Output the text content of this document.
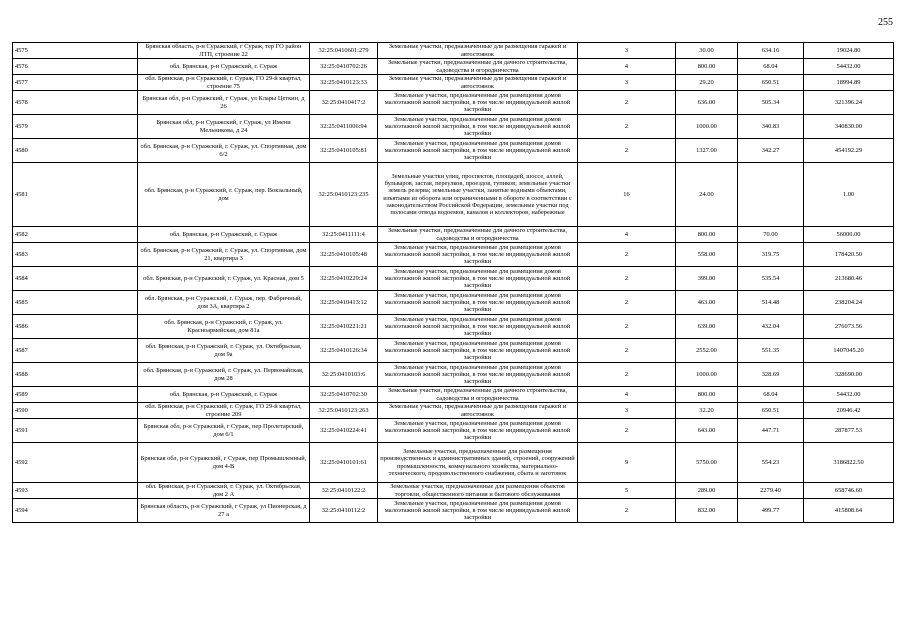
255
4575	Брянская область, р-н Суражский, г Сураж, тер ГО район ЛТП, строение 22	32:25:0410601:279	Земельные участки, предназначенные для размещения гаражей и автостоянок	3	30.00	634.16	19024.80
4576	обл. Брянская, р-н Суражский, г. Сураж	32:25:0410702:26	Земельные участки, предназначенные для дачного строительства, садоводства и огородничества	4	800.00	68.04	54432.00
4577	обл. Брянская, р-н Суражский, г. Сураж, ГО 29-й квартал, строение 75	32:25:0410123:33	Земельные участки, предназначенные для размещения гаражей и автостоянок	3	29.20	650.51	18994.89
4578	Брянская обл, р-н Суражский, г Сураж, ул Клары Цеткин, д 26	32:25:0410417:2	Земельные участки, предназначенные для размещения домов малоэтажной жилой застройки, в том числе индивидуальной жилой застройки	2	636.00	505.34	321396.24
4579	Брянская обл, р-н Суражский, г Сураж, ул Имени Мельникова, д 24	32:25:0411006:94	Земельные участки, предназначенные для размещения домов малоэтажной жилой застройки, в том числе индивидуальной жилой застройки	2	1000.00	340.83	340830.00
4580	обл. Брянская, р-н Суражский, г. Сураж, ул. Спортивная, дом 6/2	32:25:0410105:81	Земельные участки, предназначенные для размещения домов малоэтажной жилой застройки, в том числе индивидуальной жилой застройки	2	1327.00	342.27	454192.29
4581	обл. Брянская, р-н Суражский, г. Сураж, пер. Вокзальный, дом	32:25:0410123:235	Земельные участки улиц, проспектов, площадей, шоссе, аллей, бульваров, застав, переулков, проездов, тупиков; земельные участки земель резерва; земельные участки, занятые водными объектами, изъятыми из оборота или ограниченными в обороте в соответствии с законодательством Российской Федерации, земельные участки под полосами отвода водоемов, каналов и коллекторов, набережные	16	24.00		1.00
4582	обл. Брянская, р-н Суражский, г. Сураж	32:25:0411111:4	Земельные участки, предназначенные для дачного строительства, садоводства и огородничества	4	800.00	70.00	56000.00
4583	обл. Брянская, р-н Суражский, г. Сураж, ул. Спортивная, дом 21, квартира 3	32:25:0410105:48	Земельные участки, предназначенные для размещения домов малоэтажной жилой застройки, в том числе индивидуальной жилой застройки	2	558.00	319.75	178420.50
4584	обл. Брянская, р-н Суражский, г. Сураж, ул. Красная, дом 5	32:25:0410229:24	Земельные участки, предназначенные для размещения домов малоэтажной жилой застройки, в том числе индивидуальной жилой застройки	2	399.00	535.54	213680.46
4585	обл. Брянская, р-н Суражский, г. Сураж, пер. Фабричный, дом 3А, квартира 2	32:25:0410413:12	Земельные участки, предназначенные для размещения домов малоэтажной жилой застройки, в том числе индивидуальной жилой застройки	2	463.00	514.48	238204.24
4586	обл. Брянская, р-н Суражский, г. Сураж, ул. Красноармейская, дом 81а	32:25:0410221:21	Земельные участки, предназначенные для размещения домов малоэтажной жилой застройки, в том числе индивидуальной жилой застройки	2	639.00	432.04	276073.56
4587	обл. Брянская, р-н Суражский, г. Сураж, ул. Октябрьская, дом 9а	32:25:0410126:34	Земельные участки, предназначенные для размещения домов малоэтажной жилой застройки, в том числе индивидуальной жилой застройки	2	2552.00	551.35	1407045.20
4588	обл. Брянская, р-н Суражский, г. Сураж, ул. Первомайская, дом 28	32:25:0410103:6	Земельные участки, предназначенные для размещения домов малоэтажной жилой застройки, в том числе индивидуальной жилой застройки	2	1000.00	328.69	328690.00
4589	обл. Брянская, р-н Суражский, г. Сураж	32:25:0410702:30	Земельные участки, предназначенные для дачного строительства, садоводства и огородничества	4	800.00	68.04	54432.00
4590	обл. Брянская, р-н Суражский, г. Сураж, ГО 29-й квартал, строение 209	32:25:0410123:263	Земельные участки, предназначенные для размещения гаражей и автостоянок	3	32.20	650.51	20946.42
4591	Брянская обл, р-н Суражский, г Сураж, пер Пролетарский, дом 6/1	32:25:0410224:41	Земельные участки, предназначенные для размещения домов малоэтажной жилой застройки, в том числе индивидуальной жилой застройки	2	643.00	447.71	287877.53
4592	Брянская обл, р-н Суражский, г Сураж, пер Промышленный, дом 4-В	32:25:0410101:61	Земельные участки, предназначенные для размещения производственных и административных зданий, строений, сооружений промышленности, коммунального хозяйства, материально-технического, продовольственного снабжения, сбыта и заготовок	9	5750.00	554.23	3186822.50
4593	обл. Брянская, р-н Суражский, г. Сураж, ул. Октябрьская, дом 2 А	32:25:0410122:2	Земельные участки, предназначенные для размещения объектов торговли, общественного питания и бытового обслуживания	5	289.00	2279.40	658746.60
4594	Брянская область, р-н Суражский, г Сураж, ул Пионерская, д 27 а	32:25:0410112:2	Земельные участки, предназначенные для размещения домов малоэтажной жилой застройки, в том числе индивидуальной жилой застройки	2	832.00	499.77	415808.64
